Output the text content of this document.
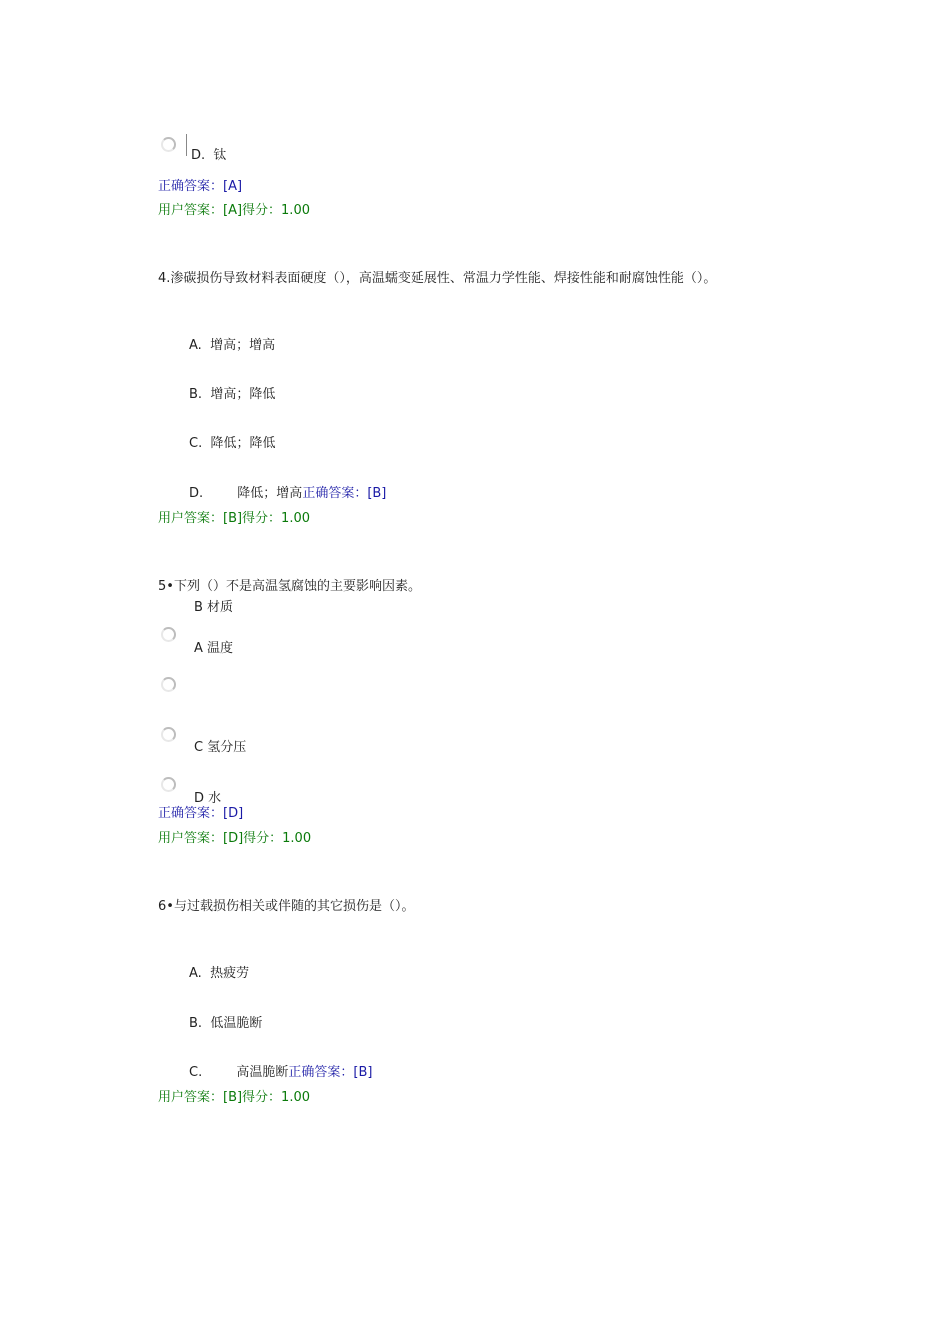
D. 钛
正确答案：[A]
用户答案：[A]得分：1.00
4.渗碳损伤导致材料表面硬度（），高温蠕变延展性、常温力学性能、焊接性能和耐腐蚀性能（）。
A. 增高；增高
B. 增高；降低
C. 降低；降低
D.	降低；增高正确答案：[B]
用户答案：[B]得分：1.00
5•下列（）不是高温氢腐蚀的主要影响因素。
B 材质
A 温度
C 氢分压
D 水
正确答案：[D]
用户答案：[D]得分：1.00
6•与过载损伤相关或伴随的其它损伤是（）。
A. 热疲劳
B. 低温脆断
C.	高温脆断正确答案：[B]
用户答案：[B]得分：1.00
